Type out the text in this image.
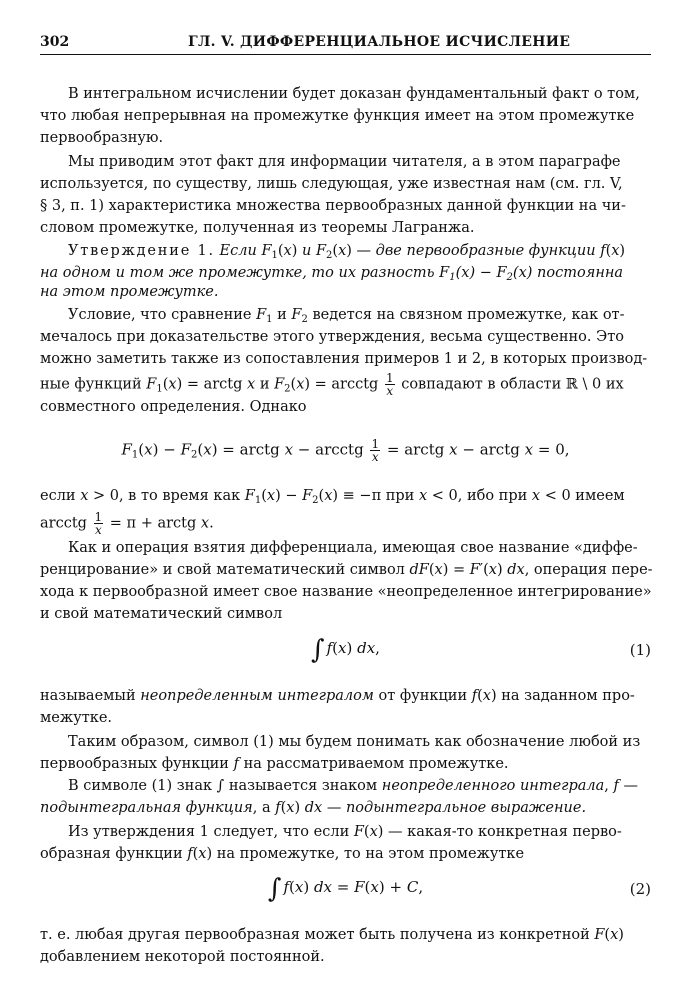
302	ГЛ. V. ДИФФЕРЕНЦИАЛЬНОЕ ИСЧИСЛЕНИЕ

В интегральном исчислении будет доказан фундаментальный факт о том,

что любая непрерывная на промежутке функция имеет на этом промежутке

первообразную.

Мы приводим этот факт для информации читателя, а в этом параграфе

используется, по существу, лишь следующая, уже известная нам (см. гл. V,

§ 3, п. 1) характеристика множества первообразных данной функции на чи-

словом промежутке, полученная из теоремы Лагранжа.

Утверждение 1. Если $F_1(x)$ и $F_2(x)$ — две первообразные функции f(x)

на одном и том же промежутке, то их разность $F_1(x) - F_2(x)$ постоянна

на этом промежутке.

Условие, что сравнение $F_1$ и $F_2$ ведется на связном промежутке, как от-

мечалось при доказательстве этого утверждения, весьма существенно. Это

можно заметить также из сопоставления примеров 1 и 2, в которых производ-

ные функций $F_1(x)$ = arctg x и $F_2(x)$ = arcctg $\frac{1}{x}$ совпадают в области ℝ \ 0 их

совместного определения. Однако

$F_1(x) - F_2(x)$ = arctg x − arcctg $\frac{1}{x}$ = arctg x − arctg x = 0,

если x > 0, в то время как $F_1(x) - F_2(x) \equiv -\pi$ при x < 0, ибо при x < 0 имеем

arcctg $\frac{1}{x} = \pi$ + arctg x.

Как и операция взятия дифференциала, имеющая свое название «диффе-

ренцирование» и свой математический символ dF(x) = F′(x) dx, операция пере-

хода к первообразной имеет свое название «неопределенное интегрирование»

и свой математический символ

∫ f(x) dx,	(1)

называемый неопределенным интегралом от функции f(x) на заданном про-

межутке.

Таким образом, символ (1) мы будем понимать как обозначение любой из

первообразных функции f на рассматриваемом промежутке.

В символе (1) знак ∫ называется знаком неопределенного интеграла, f —

подынтегральная функция, а f(x) dx — подынтегральное выражение.

Из утверждения 1 следует, что если F(x) — какая-то конкретная перво-

образная функции f(x) на промежутке, то на этом промежутке

∫ f(x) dx = F(x) + C,	(2)

т. е. любая другая первообразная может быть получена из конкретной F(x)

добавлением некоторой постоянной.
